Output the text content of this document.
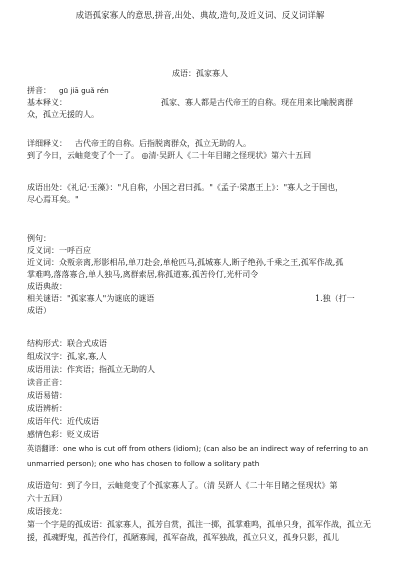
成语孤家寡人的意思,拼音,出处、典故,造句,及近义词、反义词详解
成语：孤家寡人
拼音： gū jiā guǎ rén
基本释义：	孤家、寡人都是古代帝王的自称。现在用来比喻脱离群
众，孤立无援的人。
详细释义： 古代帝王的自称。后指脱离群众，孤立无助的人。
到了今日，云岫竟变了个一了。 ◎清·吴趼人《二十年目睹之怪现状》第六十五回
成语出处：《礼记·玉藻》："凡自称，小国之君曰孤。"《孟子·梁惠王上》："寡人之于国也，
尽心焉耳矣。"
例句：
反义词：一呼百应
近义词：众叛亲离,形影相吊,单刀赴会,单枪匹马,孤城寡人,断子绝孙,千乘之王,孤军作战,孤
掌难鸣,落落寡合,单人独马,离群索居,称孤道寡,孤苦伶仃,光杆司令
成语典故：
相关谜语："孤家寡人"为谜底的谜语	1.独（打一
成语）
结构形式：联合式成语
组成汉字：孤,家,寡,人
成语用法：作宾语；指孤立无助的人
读音正音：
成语易错：
成语辨析：
成语年代：近代成语
感情色彩：贬义成语
英语翻译：one who is cut off from others (idiom); (can also be an indirect way of referring to an
unmarried person); one who has chosen to follow a solitary path
成语造句：到了今日，云岫竟变了个孤家寡人了。（清 吴趼人《二十年目睹之怪现状》第
六十五回）
成语接龙：
第一个字是的孤成语：孤家寡人，孤芳自赏，孤注一掷，孤掌难鸣，孤单只身，孤军作战，孤立无
援，孤魂野鬼，孤苦伶仃，孤陋寡闻，孤军奋战，孤军独战，孤立只义，孤身只影，孤儿
